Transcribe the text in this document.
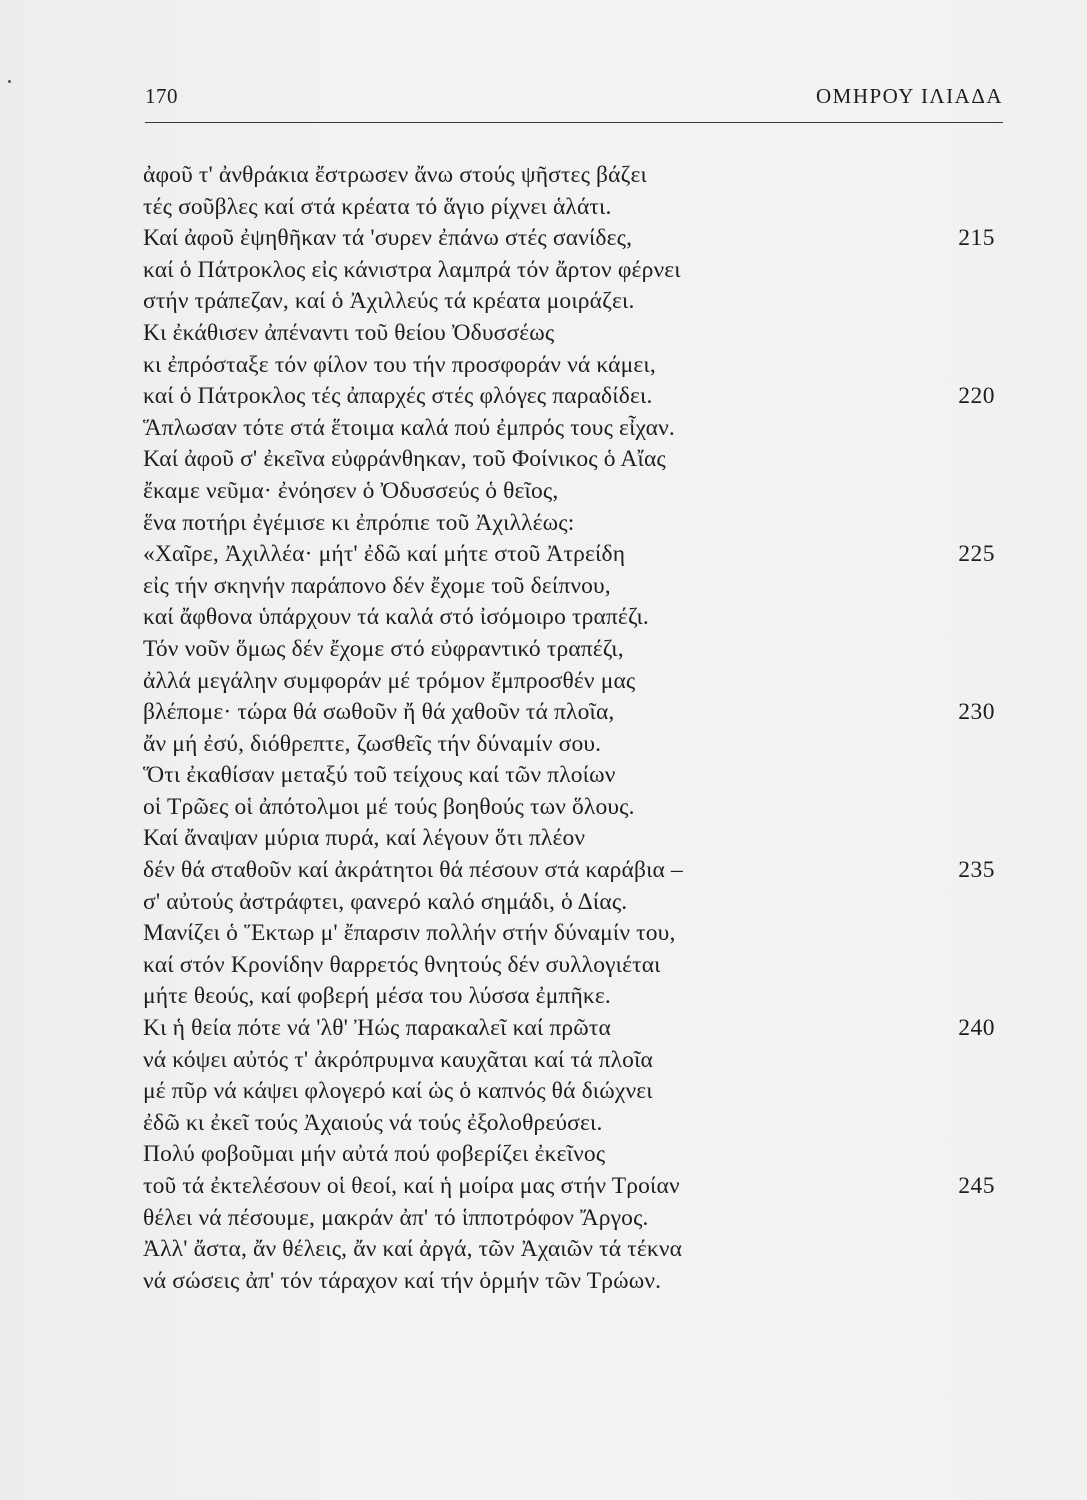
170	ΟΜΗΡΟΥ ΙΛΙΑΔΑ
ἀφοῦ τ' ἀνθράκια ἔστρωσεν ἄνω στούς ψῆστες βάζει
τές σοῦβλες καί στά κρέατα τό ἅγιο ρίχνει ἁλάτι.
Καί ἀφοῦ ἐψηθῆκαν τά 'συρεν ἐπάνω στές σανίδες,	215
καί ὁ Πάτροκλος εἰς κάνιστρα λαμπρά τόν ἄρτον φέρνει
στήν τράπεζαν, καί ὁ Ἀχιλλεύς τά κρέατα μοιράζει.
Κι ἐκάθισεν ἀπέναντι τοῦ θείου Ὀδυσσέως
κι ἐπρόσταξε τόν φίλον του τήν προσφοράν νά κάμει,
καί ὁ Πάτροκλος τές ἀπαρχές στές φλόγες παραδίδει.	220
Ἅπλωσαν τότε στά ἕτοιμα καλά πού ἐμπρός τους εἶχαν.
Καί ἀφοῦ σ' ἐκεῖνα εὐφράνθηκαν, τοῦ Φοίνικος ὁ Αἴας
ἔκαμε νεῦμα· ἐνόησεν ὁ Ὀδυσσεύς ὁ θεῖος,
ἕνα ποτήρι ἐγέμισε κι ἐπρόπιε τοῦ Ἀχιλλέως:
«Χαῖρε, Ἀχιλλέα· μήτ' ἐδῶ καί μήτε στοῦ Ἀτρείδη	225
εἰς τήν σκηνήν παράπονο δέν ἔχομε τοῦ δείπνου,
καί ἄφθονα ὑπάρχουν τά καλά στό ἰσόμοιρο τραπέζι.
Τόν νοῦν ὅμως δέν ἔχομε στό εὐφραντικό τραπέζι,
ἀλλά μεγάλην συμφοράν μέ τρόμον ἔμπροσθέν μας
βλέπομε· τώρα θά σωθοῦν ἤ θά χαθοῦν τά πλοῖα,	230
ἄν μή ἐσύ, διόθρεπτε, ζωσθεῖς τήν δύναμίν σου.
Ὅτι ἐκαθίσαν μεταξύ τοῦ τείχους καί τῶν πλοίων
οἱ Τρῶες οἱ ἀπότολμοι μέ τούς βοηθούς των ὅλους.
Καί ἄναψαν μύρια πυρά, καί λέγουν ὅτι πλέον
δέν θά σταθοῦν καί ἀκράτητοι θά πέσουν στά καράβια –	235
σ' αὐτούς ἀστράφτει, φανερό καλό σημάδι, ὁ Δίας.
Μανίζει ὁ Ἕκτωρ μ' ἔπαρσιν πολλήν στήν δύναμίν του,
καί στόν Κρονίδην θαρρετός θνητούς δέν συλλογιέται
μήτε θεούς, καί φοβερή μέσα του λύσσα ἐμπῆκε.
Κι ἡ θεία πότε νά 'λθ' Ἠώς παρακαλεῖ καί πρῶτα	240
νά κόψει αὐτός τ' ἀκρόπρυμνα καυχᾶται καί τά πλοῖα
μέ πῦρ νά κάψει φλογερό καί ὡς ὁ καπνός θά διώχνει
ἐδῶ κι ἐκεῖ τούς Ἀχαιούς νά τούς ἐξολοθρεύσει.
Πολύ φοβοῦμαι μήν αὐτά πού φοβερίζει ἐκεῖνος
τοῦ τά ἐκτελέσουν οἱ θεοί, καί ἡ μοίρα μας στήν Τροίαν	245
θέλει νά πέσουμε, μακράν ἀπ' τό ἱπποτρόφον Ἄργος.
Ἀλλ' ἄστα, ἄν θέλεις, ἄν καί ἀργά, τῶν Ἀχαιῶν τά τέκνα
νά σώσεις ἀπ' τόν τάραχον καί τήν ὁρμήν τῶν Τρώων.
